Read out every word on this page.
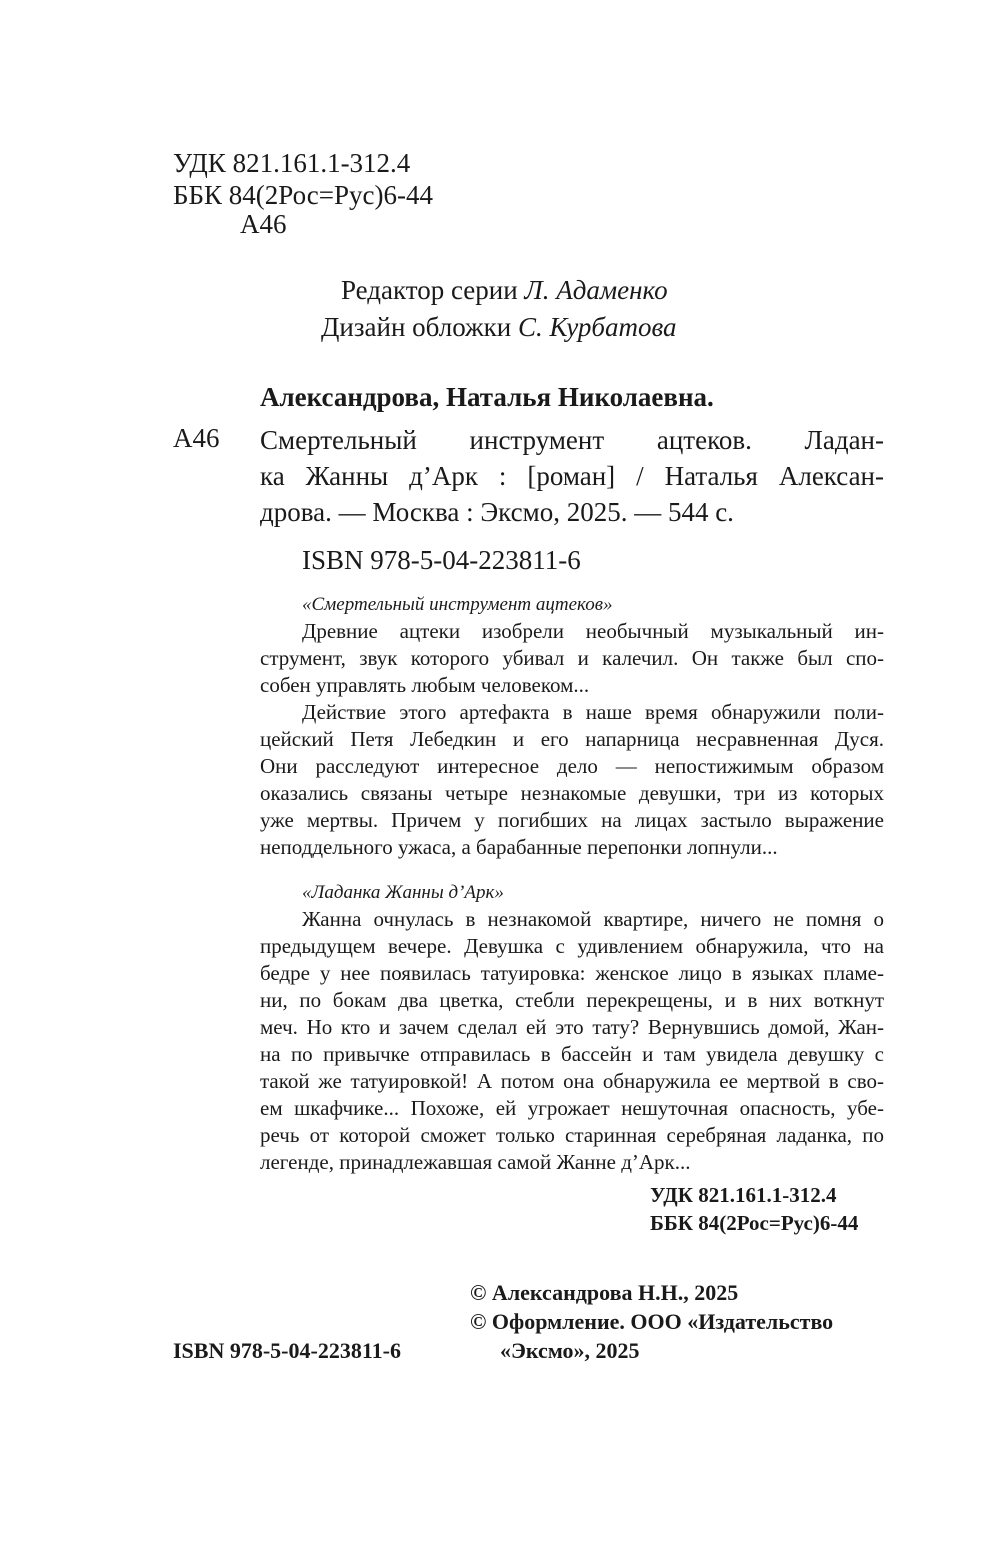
УДК 821.161.1-312.4
ББК 84(2Рос=Рус)6-44
А46
Редактор серии Л. Адаменко
Дизайн обложки С. Курбатова
Александрова, Наталья Николаевна.
А46 Смертельный инструмент ацтеков. Ладан-
ка Жанны д’Арк : [роман] / Наталья Алексан-
дрова. — Москва : Эксмо, 2025. — 544 с.
ISBN 978-5-04-223811-6
«Смертельный инструмент ацтеков»
Древние ацтеки изобрели необычный музыкальный ин-
струмент, звук которого убивал и калечил. Он также был спо-
собен управлять любым человеком...
Действие этого артефакта в наше время обнаружили поли-
цейский Петя Лебедкин и его напарница несравненная Дуся.
Они расследуют интересное дело — непостижимым образом
оказались связаны четыре незнакомые девушки, три из которых
уже мертвы. Причем у погибших на лицах застыло выражение
неподдельного ужаса, а барабанные перепонки лопнули...
«Ладанка Жанны д’Арк»
Жанна очнулась в незнакомой квартире, ничего не помня о
предыдущем вечере. Девушка с удивлением обнаружила, что на
бедре у нее появилась татуировка: женское лицо в языках пламе-
ни, по бокам два цветка, стебли перекрещены, и в них воткнут
меч. Но кто и зачем сделал ей это тату? Вернувшись домой, Жан-
на по привычке отправилась в бассейн и там увидела девушку с
такой же татуировкой! А потом она обнаружила ее мертвой в сво-
ем шкафчике... Похоже, ей угрожает нешуточная опасность, убе-
речь от которой сможет только старинная серебряная ладанка, по
легенде, принадлежавшая самой Жанне д’Арк...
УДК 821.161.1-312.4
ББК 84(2Рос=Рус)6-44
© Александрова Н.Н., 2025
© Оформление. ООО «Издательство
«Эксмо», 2025
ISBN 978-5-04-223811-6
